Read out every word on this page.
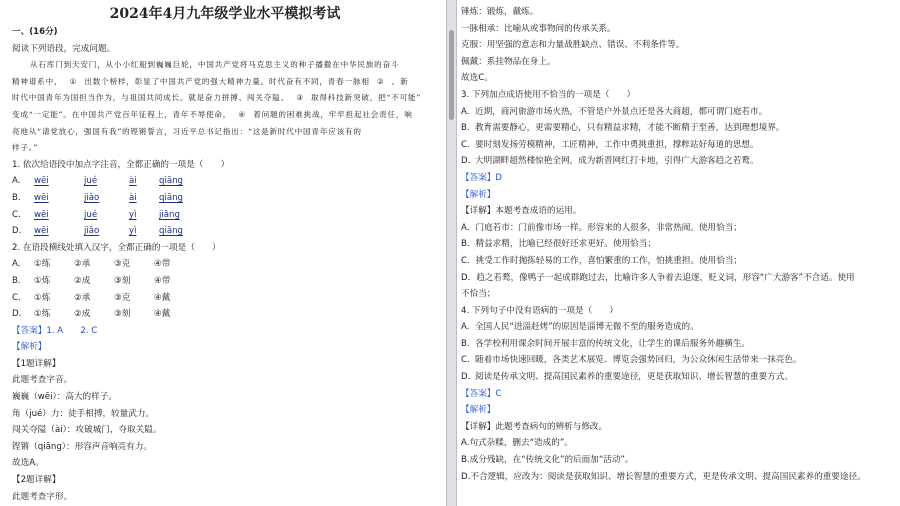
2024年4月九年级学业水平模拟考试
一、(16分)
阅读下列语段，完成问题。
从石库门到天安门，从小小红船到巍巍巨轮，中国共产党将马克思主义的种子播撒在中华民族的奋斗
精神谱系中， ① 出数个榜样，彰显了中国共产党的强大精神力量。时代奋有不同，青春一脉相 ② 。新
时代中国青年为国担当作为，与祖国共同成长。就是奋力拼搏、闯关夺隘、 ③ 取得科技新突破，把“不可能”
变成“一定能”。在中国共产党百年征程上，青年不辱使命， ④ 着问题的困难挑战，牢牢担起社会责任，响
亮地从“请党放心，强国有我”的铿锵誓言，习近平总书记指出：“这是新时代中国青年应该有的
样子。”
1. 依次给语段中加点字注音，全都正确的一项是（　　）
A.	wēi	jué	ài	qiāng
B.	wēi	jiǎo	ài	qiāng
C.	wēi	jué	yì	jiāng
D.	wēi	jiǎo	yì	qiāng
2. 在语段横线处填入汉字，全都正确的一项是（　　）
A.	①练	②承	③克	④带
B.	①炼	②成	③刻	④带
C.	①炼	②承	③克	④戴
D.	①练	②成	③刻	④戴
【答案】1. A　　2. C
【解析】
【1题详解】
此题考查字音。
巍巍（wēi）：高大的样子。
角（jué）力：徒手相搏，较量武力。
闯关夺隘（ài）：攻破城门，夺取关隘。
铿锵（qiāng）：形容声音响亮有力。
故选A。
【2题详解】
此题考查字形。
锤炼：锻炼，戴炼。
一脉相承：比喻从或事物间的传承关系。
克服：用坚强的意志和力量战胜缺点、错误、不利条件等。
佩戴：系挂物品在身上。
故选C。
3. 下列加点成语使用不恰当的一项是（　　）
A. 近期，商河旅游市场火热，不管是户外景点还是各大商超，都可谓门庭若市。
B. 教育需要静心，更需要精心，只有精益求精，才能不断精于至善，达到理想境界。
C. 要时刻发扬劳模精神，工匠精神，工作中勇挑重担，撑粹站好每道的思想。
D. 大明湖畔超然楼惊艳全网，成为新晋网红打卡地，引得广大游客趋之若鹜。
【答案】D
【解析】
【详解】本题考查成语的运用。
A．门庭若市：门前像市场一样。形容来的人很多，非常热闹。使用恰当；
B．精益求精，比喻已经很好还求更好。使用恰当；
C．挑受工作时抛拣轻易的工作，喜怕繁重的工作，怕挑重担。使用恰当；
D．趋之若鹜，像鸭子一起成群跑过去，比喻许多人争着去追逐，贬义词，形容“广大游客”不合适。使用
不恰当；
4. 下列句子中没有语病的一项是（　　）
A. 全国人民“进淄赶烤”的原因是淄博无微不至的服务造成的。
B. 各学校利用课余时间开展丰富的传统文化，让学生的课后服务外趣横生。
C. 随着市场快速回暖，各类艺术展览、博览会强势回归，为公众休闲生活带来一抹亮色。
D. 阅读是传承文明、提高国民素养的重要途径，更是获取知识、增长智慧的重要方式。
【答案】C
【解析】
【详解】此题考查病句的辨析与修改。
A.句式杂糅，删去“造成的”。
B.成分残缺，在“传统文化”的后面加“活动”。
D.不合逻辑，应改为：阅读是获取知识、增长智慧的重要方式，更是传承文明、提高国民素养的重要途径。
